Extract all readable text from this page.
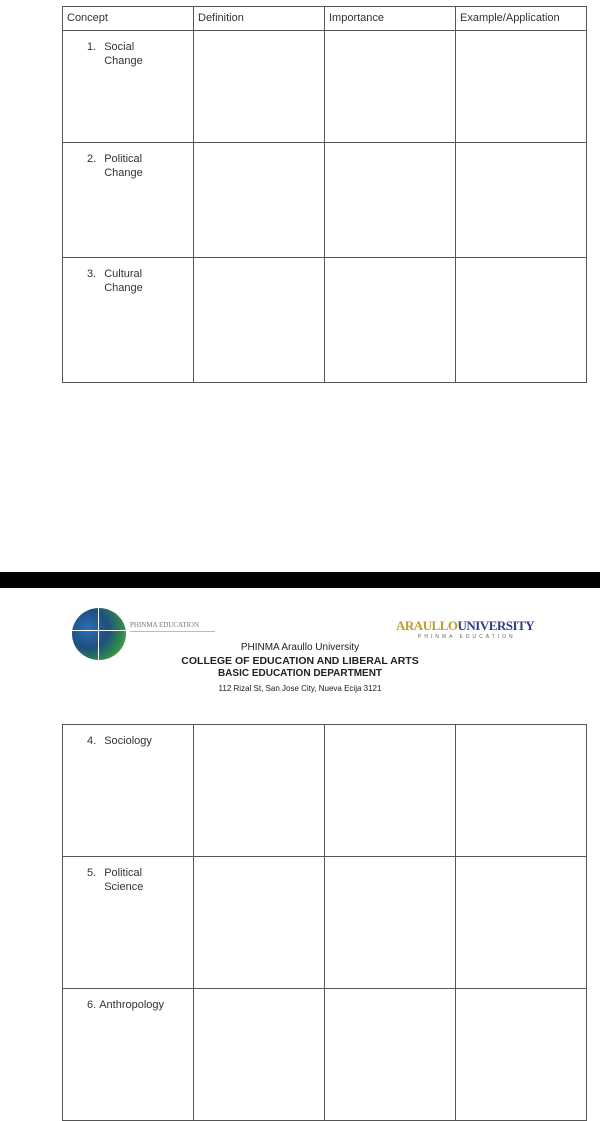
Concept	Definition	Importance	Example/Application

1. Social Change			

2. Political Change			

3. Cultural Change			

PHINMA EDUCATION	ARAULLOUNIVERSITY
PHINMA EDUCATION
PHINMA Araullo University
COLLEGE OF EDUCATION AND LIBERAL ARTS
BASIC EDUCATION DEPARTMENT
112 Rizal St, San Jose City, Nueva Ecija 3121
4. Sociology			

5. Political Science			

6. Anthropology			
